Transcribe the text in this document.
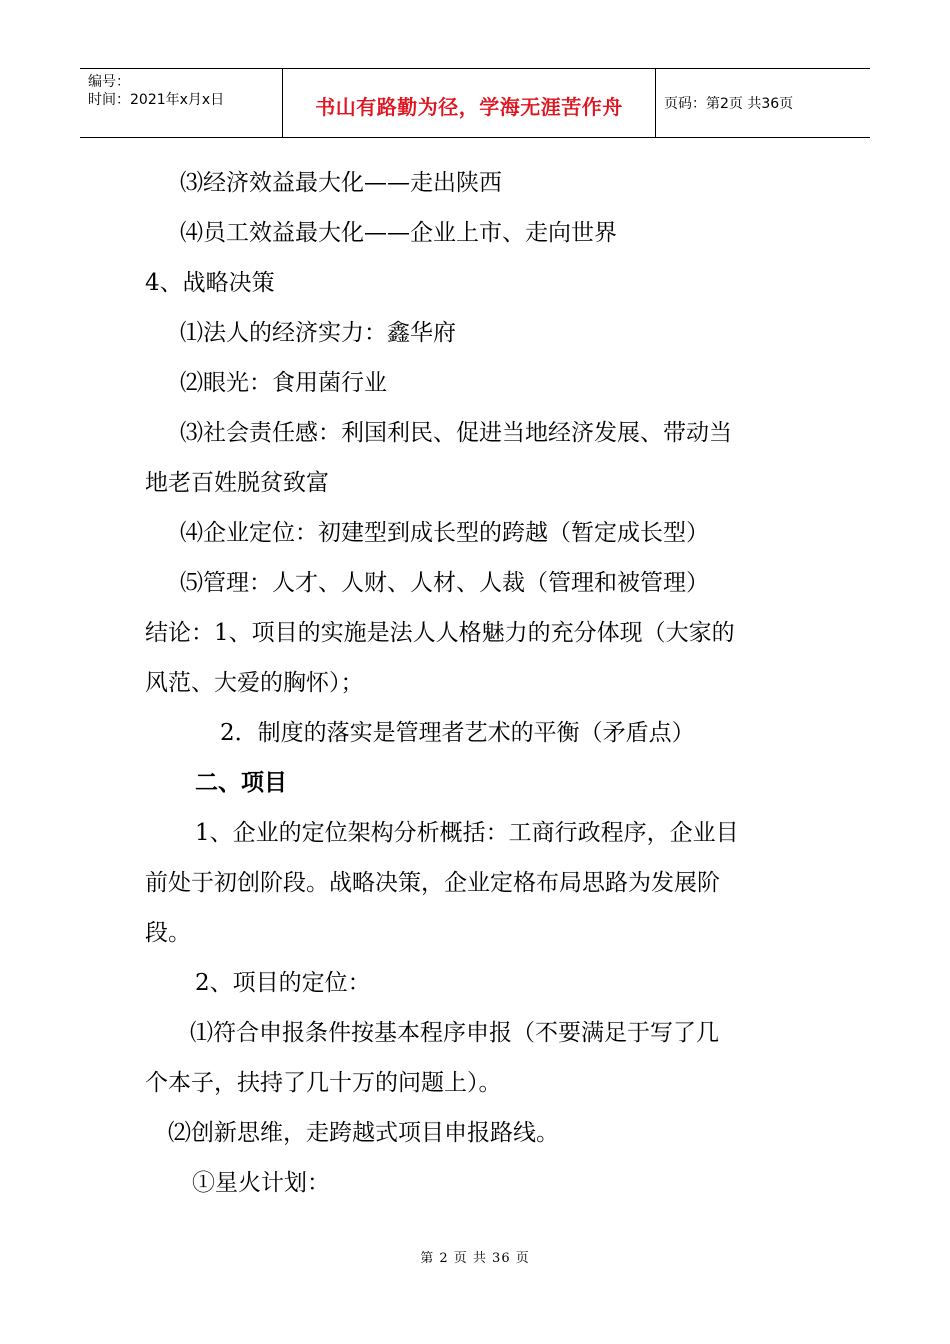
编号：
时间：2021年x月x日	书山有路勤为径，学海无涯苦作舟	页码：第2页 共36页
⑶经济效益最大化——走出陕西
⑷员工效益最大化——企业上市、走向世界
4、战略决策
⑴法人的经济实力：鑫华府
⑵眼光：食用菌行业
⑶社会责任感：利国利民、促进当地经济发展、带动当
地老百姓脱贫致富
⑷企业定位：初建型到成长型的跨越（暂定成长型）
⑸管理：人才、人财、人材、人裁（管理和被管理）
结论：1、项目的实施是法人人格魅力的充分体现（大家的
风范、大爱的胸怀）；
2．制度的落实是管理者艺术的平衡（矛盾点）
二、项目
1、企业的定位架构分析概括：工商行政程序，企业目
前处于初创阶段。战略决策，企业定格布局思路为发展阶
段。
2、项目的定位：
⑴符合申报条件按基本程序申报（不要满足于写了几
个本子，扶持了几十万的问题上）。
⑵创新思维，走跨越式项目申报路线。
①星火计划：
第 2 页 共 36 页
